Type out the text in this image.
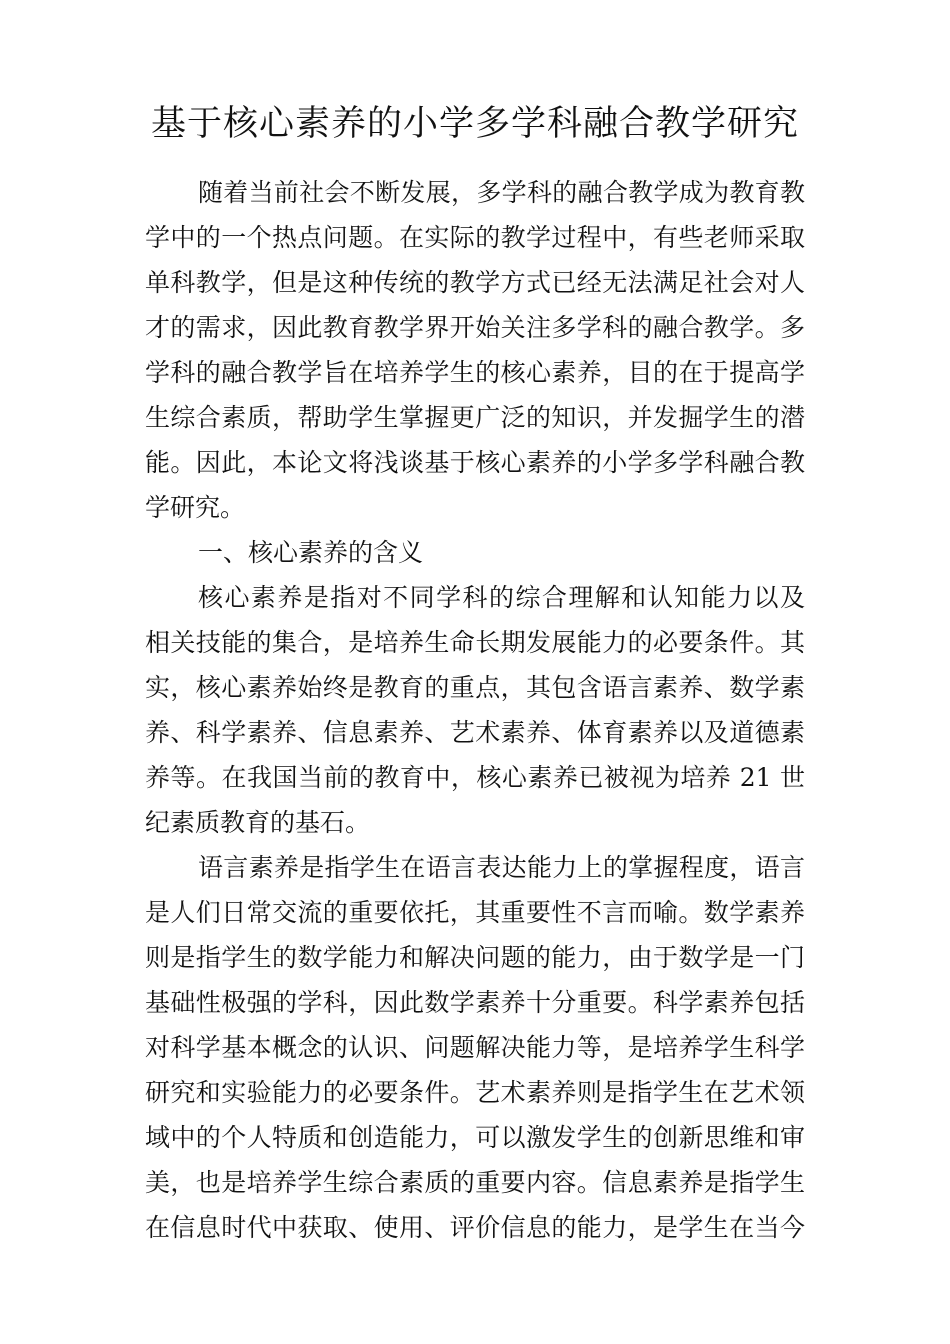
基于核心素养的小学多学科融合教学研究
随着当前社会不断发展，多学科的融合教学成为教育教
学中的一个热点问题。在实际的教学过程中，有些老师采取
单科教学，但是这种传统的教学方式已经无法满足社会对人
才的需求，因此教育教学界开始关注多学科的融合教学。多
学科的融合教学旨在培养学生的核心素养，目的在于提高学
生综合素质，帮助学生掌握更广泛的知识，并发掘学生的潜
能。因此，本论文将浅谈基于核心素养的小学多学科融合教
学研究。
一、核心素养的含义
核心素养是指对不同学科的综合理解和认知能力以及
相关技能的集合，是培养生命长期发展能力的必要条件。其
实，核心素养始终是教育的重点，其包含语言素养、数学素
养、科学素养、信息素养、艺术素养、体育素养以及道德素
养等。在我国当前的教育中，核心素养已被视为培养 21 世
纪素质教育的基石。
语言素养是指学生在语言表达能力上的掌握程度，语言
是人们日常交流的重要依托，其重要性不言而喻。数学素养
则是指学生的数学能力和解决问题的能力，由于数学是一门
基础性极强的学科，因此数学素养十分重要。科学素养包括
对科学基本概念的认识、问题解决能力等，是培养学生科学
研究和实验能力的必要条件。艺术素养则是指学生在艺术领
域中的个人特质和创造能力，可以激发学生的创新思维和审
美，也是培养学生综合素质的重要内容。信息素养是指学生
在信息时代中获取、使用、评价信息的能力，是学生在当今
